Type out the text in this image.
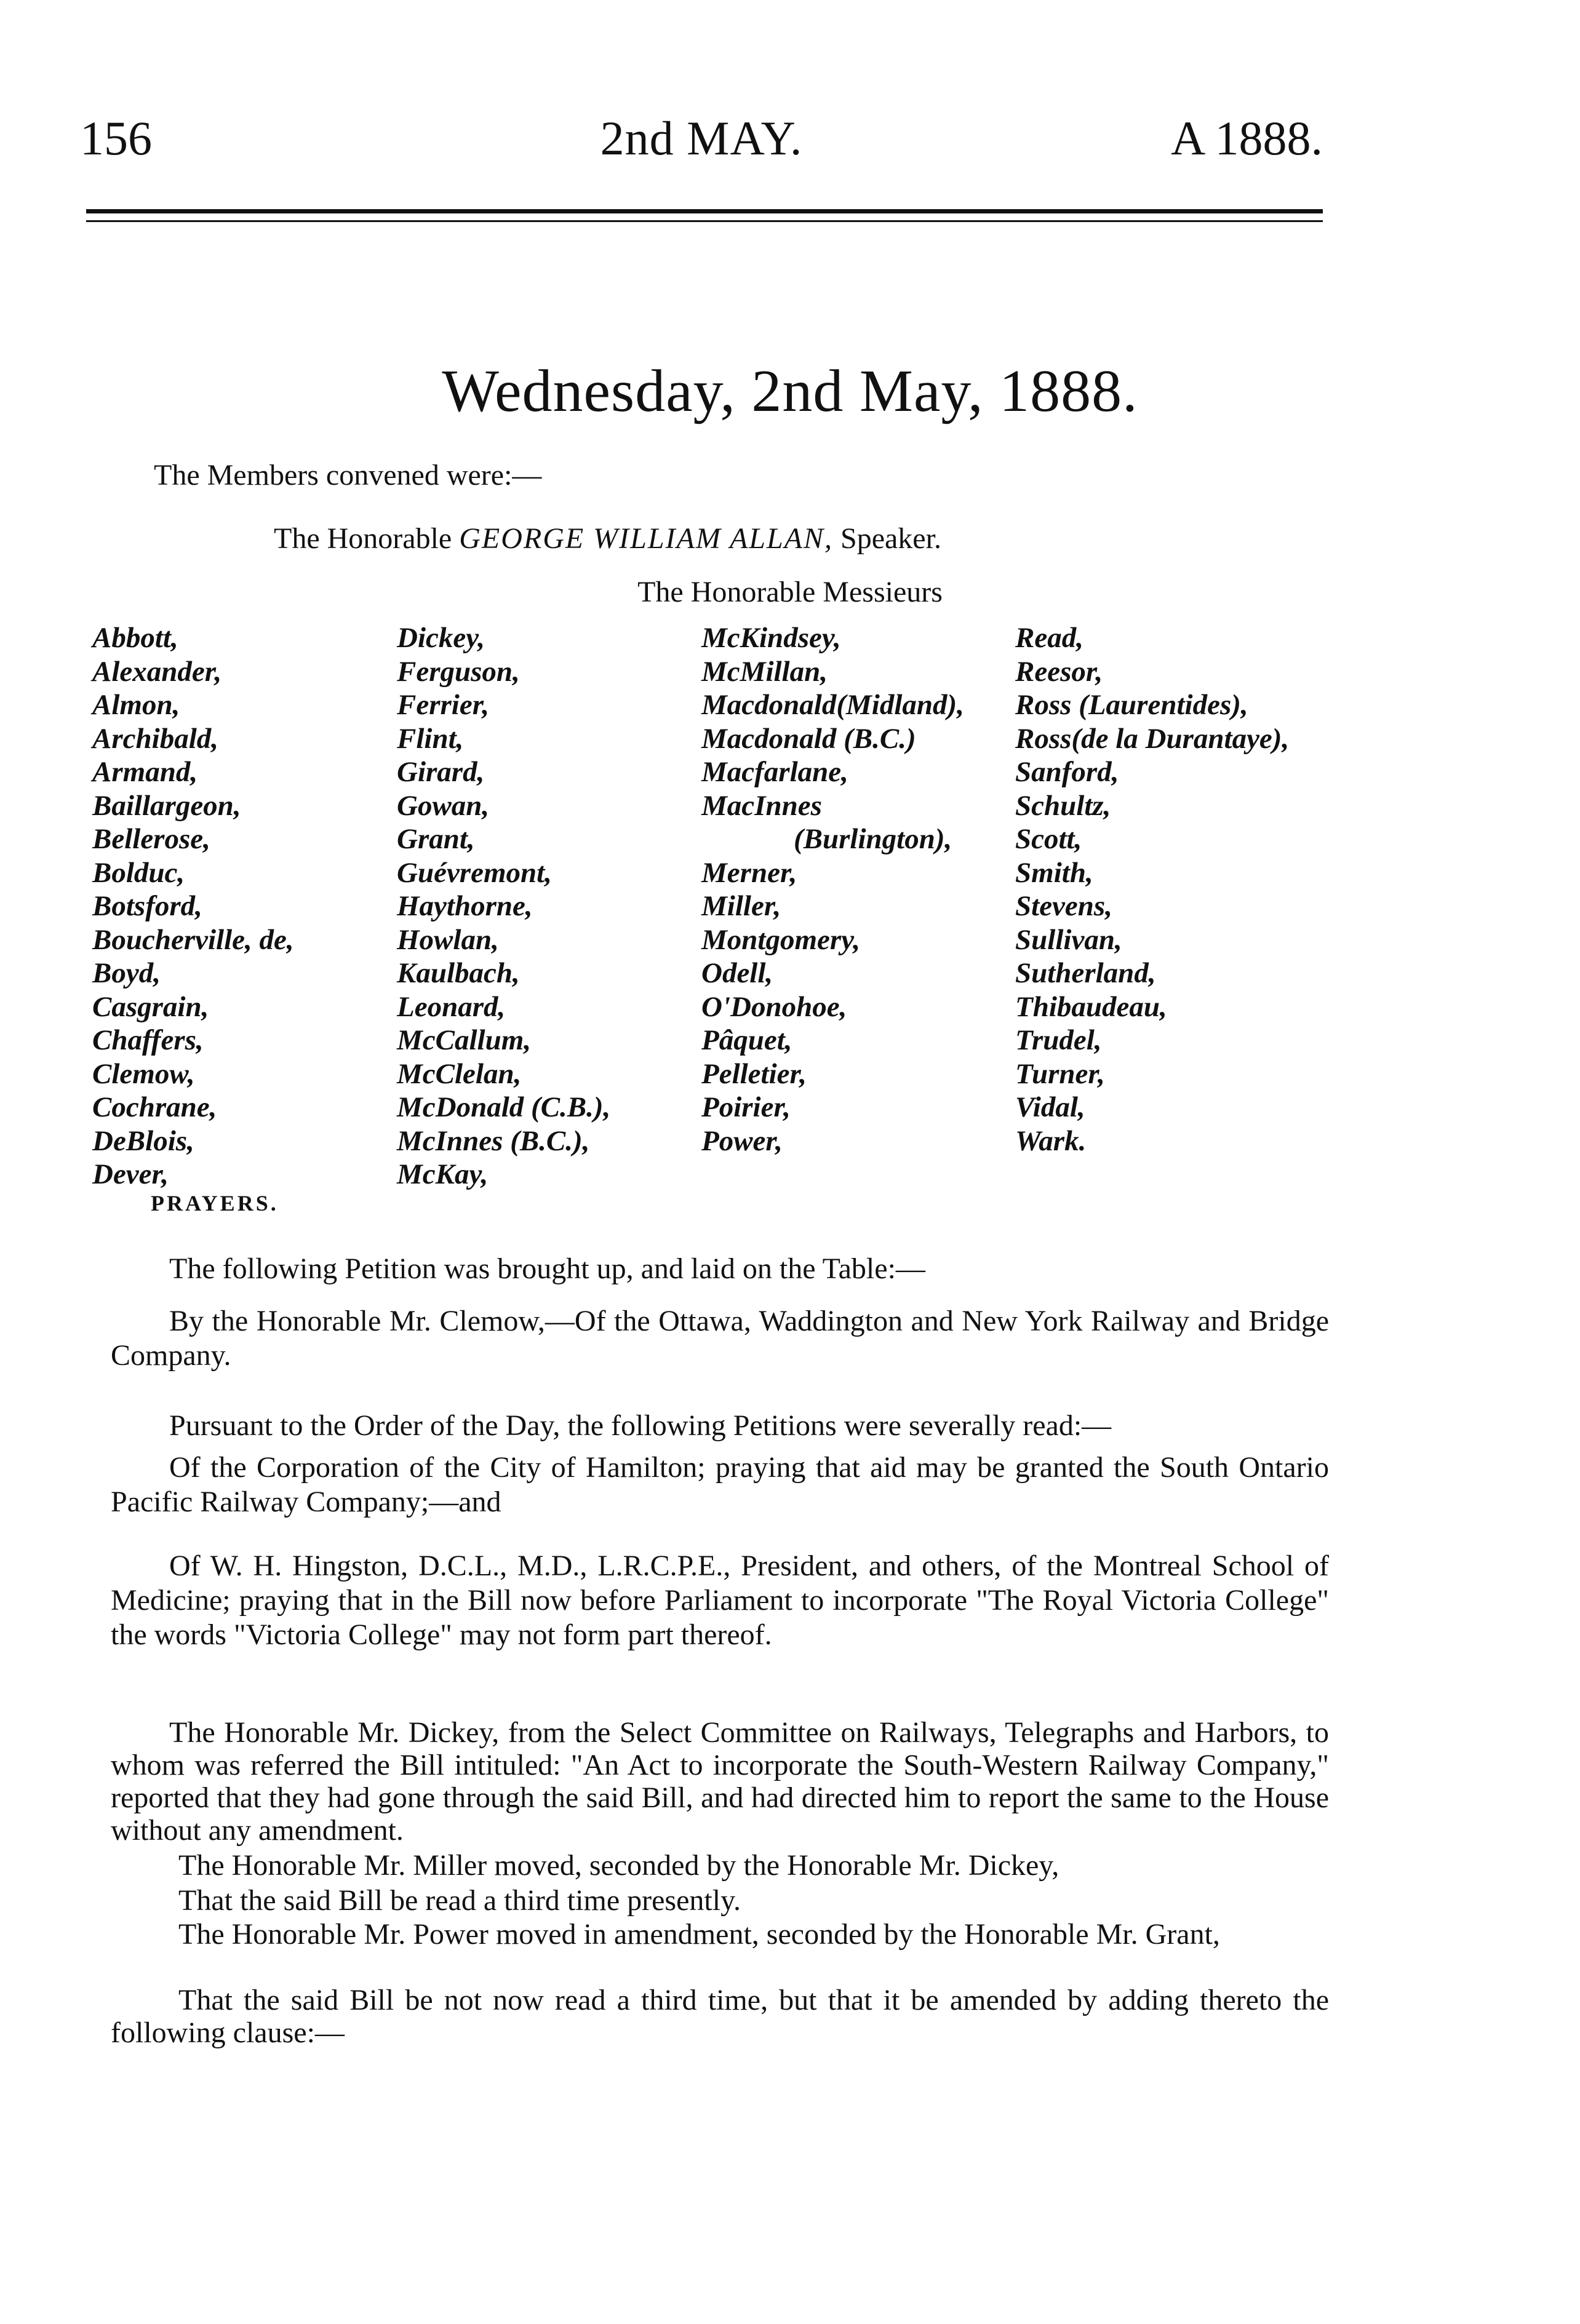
156	2nd MAY.	A 1888.
Wednesday, 2nd May, 1888.
The Members convened were:—
The Honorable GEORGE WILLIAM ALLAN, Speaker.
The Honorable Messieurs
Abbott,
Alexander,
Almon,
Archibald,
Armand,
Baillargeon,
Bellerose,
Bolduc,
Botsford,
Boucherville, de,
Boyd,
Casgrain,
Chaffers,
Clemow,
Cochrane,
DeBlois,
Dever,
Dickey,
Ferguson,
Ferrier,
Flint,
Girard,
Gowan,
Grant,
Guévremont,
Haythorne,
Howlan,
Kaulbach,
Leonard,
McCallum,
McClelan,
McDonald (C.B.),
McInnes (B.C.),
McKay,
McKindsey,
McMillan,
Macdonald(Midland),
Macdonald (B.C.)
Macfarlane,
MacInnes
(Burlington),
Merner,
Miller,
Montgomery,
Odell,
O'Donohoe,
Pâquet,
Pelletier,
Poirier,
Power,
Read,
Reesor,
Ross (Laurentides),
Ross(de la Durantaye),
Sanford,
Schultz,
Scott,
Smith,
Stevens,
Sullivan,
Sutherland,
Thibaudeau,
Trudel,
Turner,
Vidal,
Wark.
PRAYERS.
The following Petition was brought up, and laid on the Table:—
By the Honorable Mr. Clemow,—Of the Ottawa, Waddington and New York Railway and Bridge Company.
Pursuant to the Order of the Day, the following Petitions were severally read:—
Of the Corporation of the City of Hamilton; praying that aid may be granted the South Ontario Pacific Railway Company;—and
Of W. H. Hingston, D.C.L., M.D., L.R.C.P.E., President, and others, of the Montreal School of Medicine; praying that in the Bill now before Parliament to incorporate "The Royal Victoria College" the words "Victoria College" may not form part thereof.
The Honorable Mr. Dickey, from the Select Committee on Railways, Telegraphs and Harbors, to whom was referred the Bill intituled: "An Act to incorporate the South-Western Railway Company," reported that they had gone through the said Bill, and had directed him to report the same to the House without any amendment.
The Honorable Mr. Miller moved, seconded by the Honorable Mr. Dickey,
That the said Bill be read a third time presently.
The Honorable Mr. Power moved in amendment, seconded by the Honorable Mr. Grant,
That the said Bill be not now read a third time, but that it be amended by adding thereto the following clause:—
